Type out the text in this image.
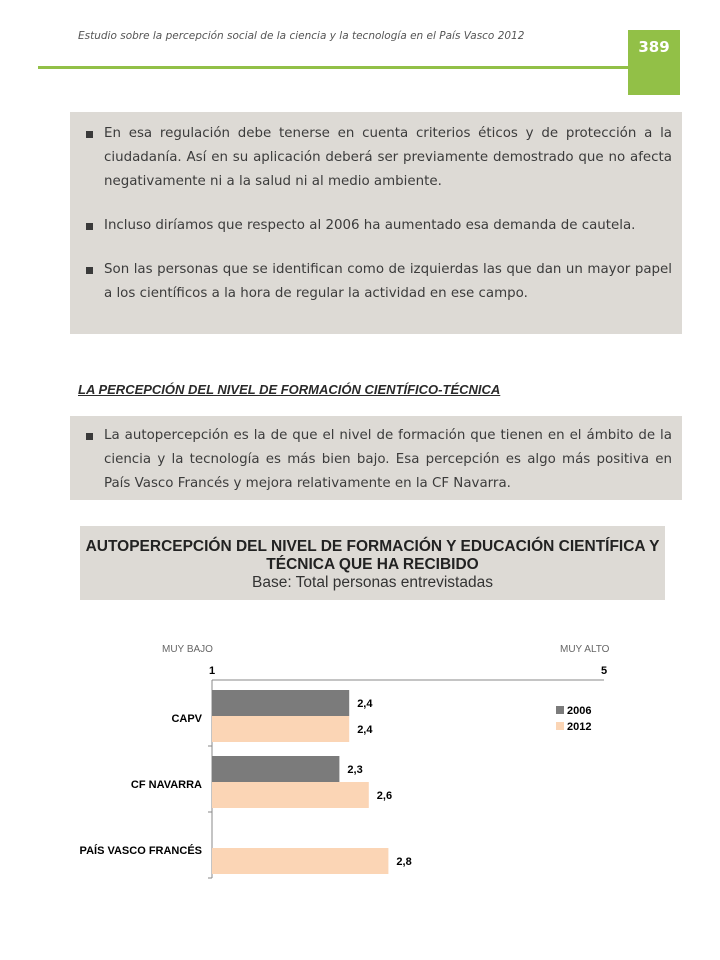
Estudio sobre la percepción social de la ciencia y la tecnología en el País Vasco 2012
389
En esa regulación debe tenerse en cuenta criterios éticos y de protección a la ciudadanía. Así en su aplicación deberá ser previamente demostrado que no afecta negativamente ni a la salud ni al medio ambiente.
Incluso diríamos que respecto al 2006 ha aumentado esa demanda de cautela.
Son las personas que se identifican como de izquierdas las que dan un mayor papel a los científicos a la hora de regular la actividad en ese campo.
LA PERCEPCIÓN DEL NIVEL DE FORMACIÓN CIENTÍFICO-TÉCNICA
La autopercepción es la de que el nivel de formación que tienen en el ámbito de la ciencia y la tecnología es más bien bajo. Esa percepción es algo más positiva en País Vasco Francés y mejora relativamente en la CF Navarra.
AUTOPERCEPCIÓN DEL NIVEL DE FORMACIÓN Y EDUCACIÓN CIENTÍFICA Y TÉCNICA QUE HA RECIBIDO
Base: Total personas entrevistadas
MUY BAJO	MUY ALTO
1	5
CAPV
2,4
2,4
CF NAVARRA
2,3
2,6
PAÍS VASCO FRANCÉS
2,8
2006
2012
